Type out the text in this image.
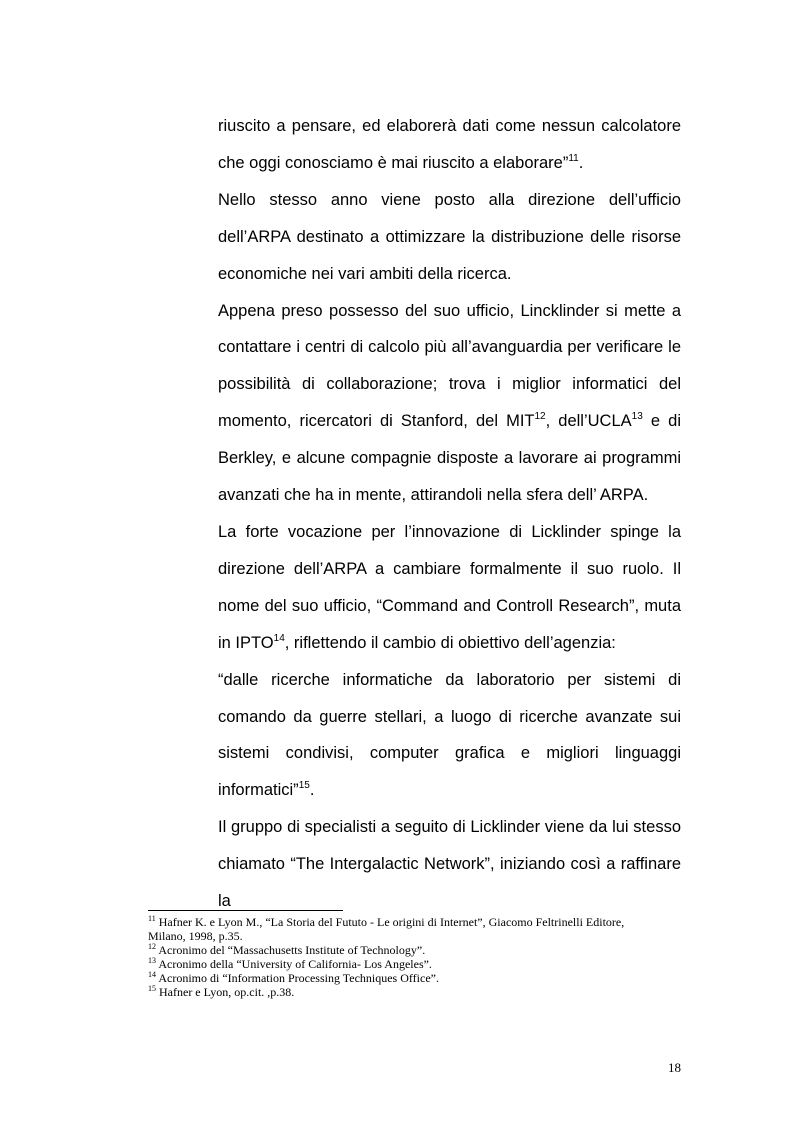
riuscito a pensare, ed elaborerà dati come nessun calcolatore che oggi conosciamo è mai riuscito a elaborare”$^{11}$.

Nello stesso anno viene posto alla direzione dell’ufficio dell’ARPA destinato a ottimizzare la distribuzione delle risorse economiche nei vari ambiti della ricerca.

Appena preso possesso del suo ufficio, Lincklinder si mette a contattare i centri di calcolo più all’avanguardia per verificare le possibilità di collaborazione; trova i miglior informatici del momento, ricercatori di Stanford, del MIT$^{12}$, dell’UCLA$^{13}$ e di Berkley, e alcune compagnie disposte a lavorare ai programmi avanzati che ha in mente, attirandoli nella sfera dell’ ARPA.

La forte vocazione per l’innovazione di Licklinder spinge la direzione dell’ARPA a cambiare formalmente il suo ruolo. Il nome del suo ufficio, “Command and Controll Research”, muta in IPTO$^{14}$, riflettendo il cambio di obiettivo dell’agenzia:

“dalle ricerche informatiche da laboratorio per sistemi di comando da guerre stellari, a luogo di ricerche avanzate sui sistemi condivisi, computer grafica e migliori linguaggi informatici”$^{15}$.

Il gruppo di specialisti a seguito di Licklinder viene da lui stesso chiamato “The Intergalactic Network”, iniziando così a raffinare la

$^{11}$ Hafner K. e Lyon M., “La Storia del Fututo - Le origini di Internet”, Giacomo Feltrinelli Editore, Milano, 1998, p.35.
$^{12}$ Acronimo del “Massachusetts Institute of Technology”.
$^{13}$ Acronimo della “University of California- Los Angeles”.
$^{14}$ Acronimo di “Information Processing Techniques Office”.
$^{15}$ Hafner e Lyon, op.cit. ,p.38.
18
